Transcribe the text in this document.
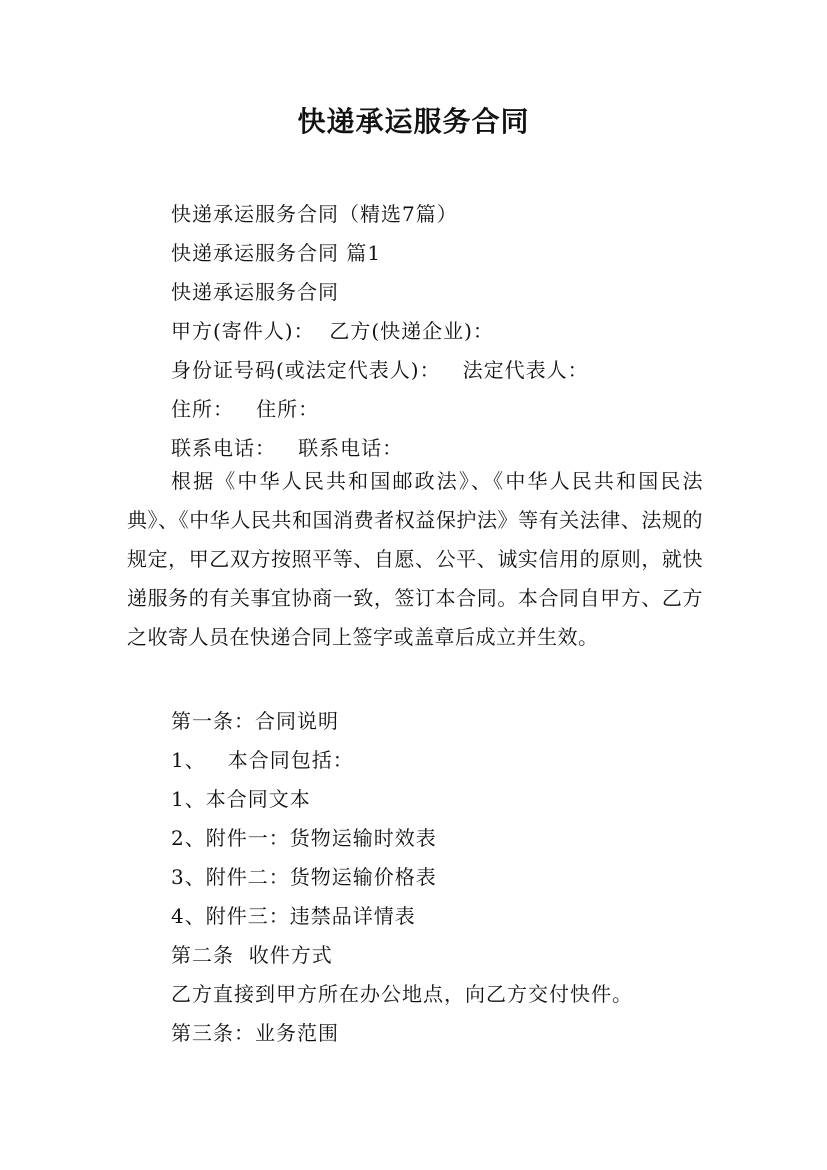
快递承运服务合同
快递承运服务合同（精选7篇）
快递承运服务合同 篇1
快递承运服务合同
甲方(寄件人)：  乙方(快递企业)：
身份证号码(或法定代表人)：   法定代表人：
住所：   住所：
联系电话：   联系电话：
根据《中华人民共和国邮政法》、《中华人民共和国民法典》、《中华人民共和国消费者权益保护法》等有关法律、法规的规定，甲乙双方按照平等、自愿、公平、诚实信用的原则，就快递服务的有关事宜协商一致，签订本合同。本合同自甲方、乙方之收寄人员在快递合同上签字或盖章后成立并生效。
第一条：合同说明
1、   本合同包括：
1、本合同文本
2、附件一：货物运输时效表
3、附件二：货物运输价格表
4、附件三：违禁品详情表
第二条  收件方式
乙方直接到甲方所在办公地点，向乙方交付快件。
第三条：业务范围
